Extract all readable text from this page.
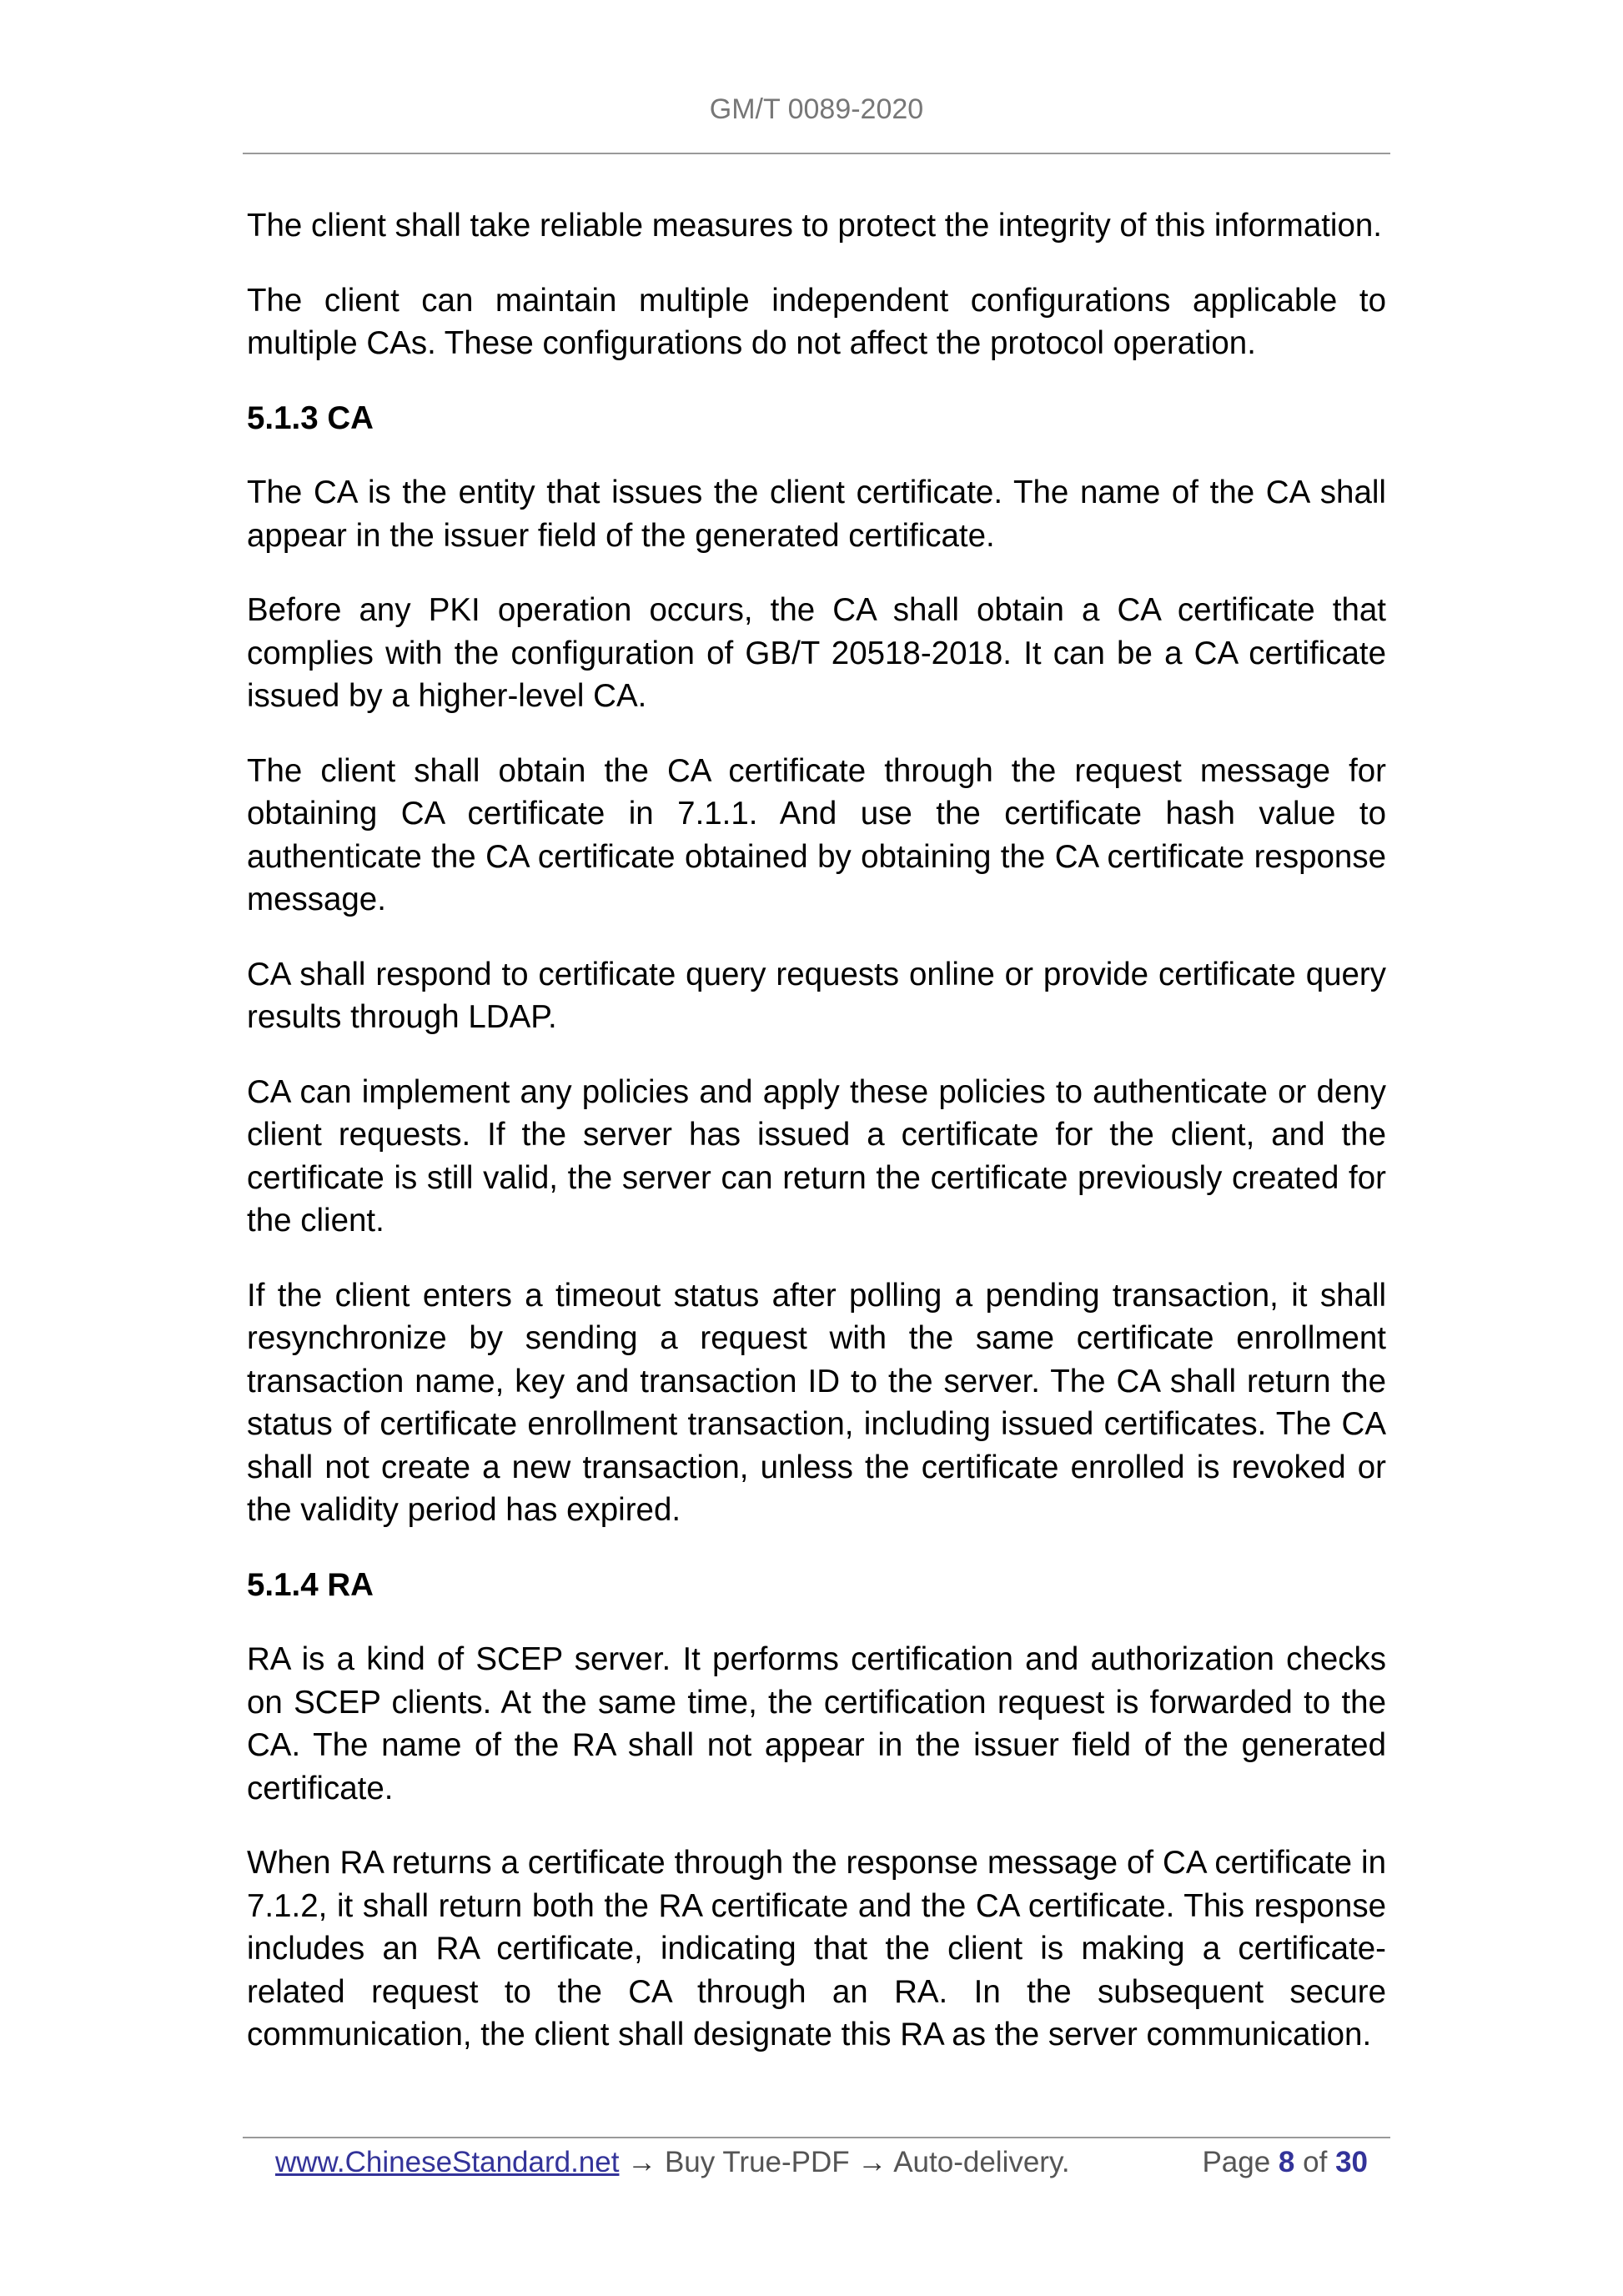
GM/T 0089-2020

The client shall take reliable measures to protect the integrity of this information.

The client can maintain multiple independent configurations applicable to multiple CAs. These configurations do not affect the protocol operation.

5.1.3 CA

The CA is the entity that issues the client certificate. The name of the CA shall appear in the issuer field of the generated certificate.

Before any PKI operation occurs, the CA shall obtain a CA certificate that complies with the configuration of GB/T 20518-2018. It can be a CA certificate issued by a higher-level CA.

The client shall obtain the CA certificate through the request message for obtaining CA certificate in 7.1.1. And use the certificate hash value to authenticate the CA certificate obtained by obtaining the CA certificate response message.

CA shall respond to certificate query requests online or provide certificate query results through LDAP.

CA can implement any policies and apply these policies to authenticate or deny client requests. If the server has issued a certificate for the client, and the certificate is still valid, the server can return the certificate previously created for the client.

If the client enters a timeout status after polling a pending transaction, it shall resynchronize by sending a request with the same certificate enrollment transaction name, key and transaction ID to the server. The CA shall return the status of certificate enrollment transaction, including issued certificates. The CA shall not create a new transaction, unless the certificate enrolled is revoked or the validity period has expired.

5.1.4 RA

RA is a kind of SCEP server. It performs certification and authorization checks on SCEP clients. At the same time, the certification request is forwarded to the CA. The name of the RA shall not appear in the issuer field of the generated certificate.

When RA returns a certificate through the response message of CA certificate in 7.1.2, it shall return both the RA certificate and the CA certificate. This response includes an RA certificate, indicating that the client is making a certificate-related request to the CA through an RA. In the subsequent secure communication, the client shall designate this RA as the server communication.

www.ChineseStandard.net → Buy True-PDF → Auto-delivery.	Page 8 of 30
